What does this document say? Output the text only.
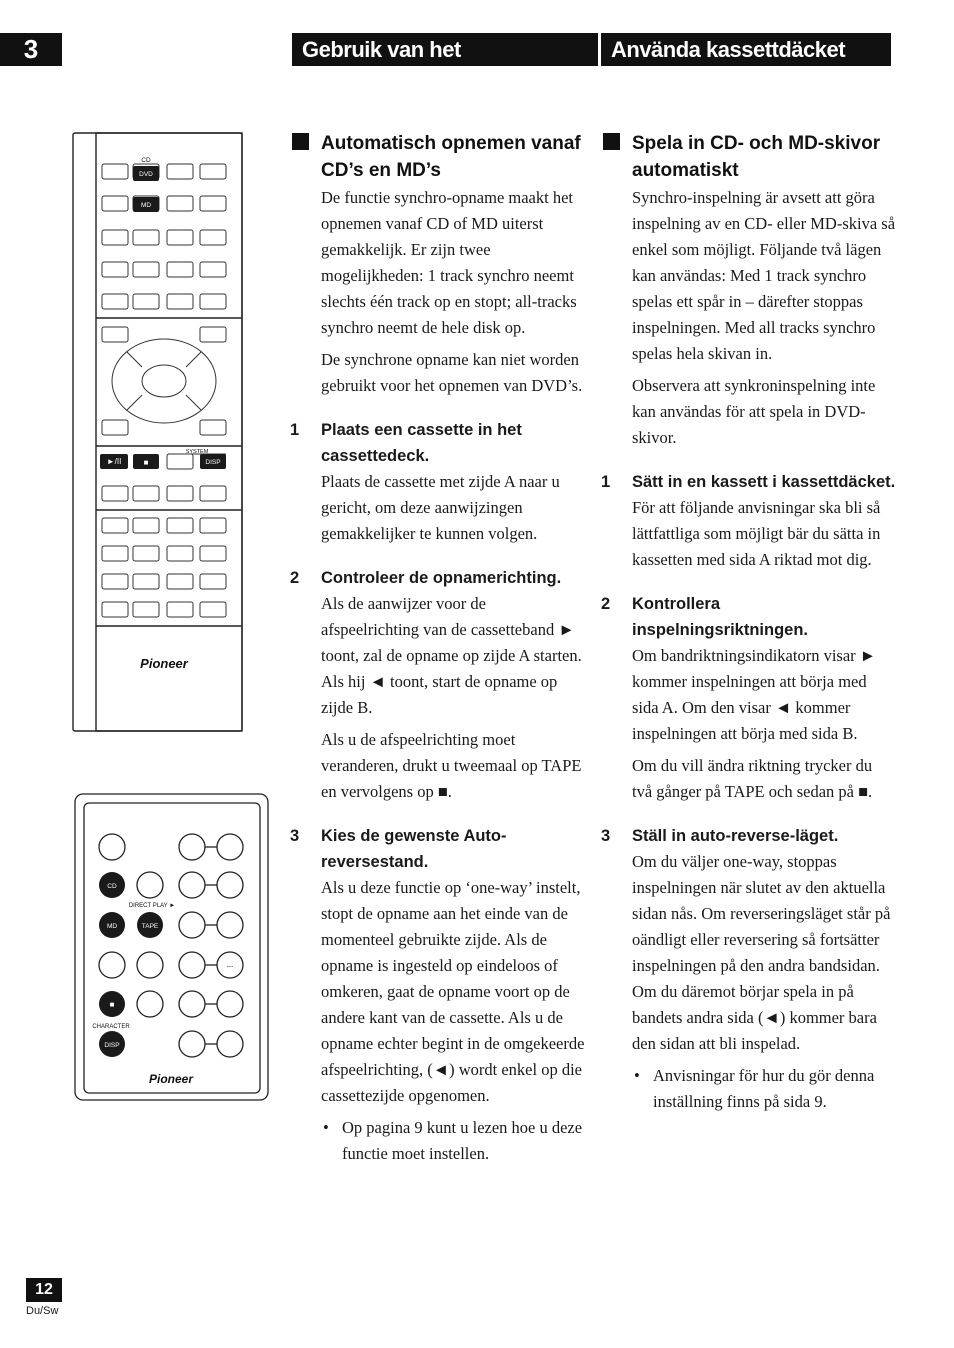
3	Gebruik van het cassettedeck
Använda kassettdäcket
CD
DVD
MD
SYSTEM
►/II	■	DISP
Pioneer
CD
DIRECT PLAY ►
MD	TAPE
---
■
CHARACTER
DISP
Pioneer
Automatisch opnemen vanaf CD’s en MD’s

De functie synchro-opname maakt het opnemen vanaf CD of MD uiterst gemakkelijk. Er zijn twee mogelijkheden: 1 track synchro neemt slechts één track op en stopt; all-tracks synchro neemt de hele disk op.

De synchrone opname kan niet worden gebruikt voor het opnemen van DVD’s.

1 Plaats een cassette in het cassettedeck.

Plaats de cassette met zijde A naar u gericht, om deze aanwijzingen gemakkelijker te kunnen volgen.

2 Controleer de opnamerichting.

Als de aanwijzer voor de afspeelrichting van de cassetteband ► toont, zal de opname op zijde A starten. Als hij ◄ toont, start de opname op zijde B.

Als u de afspeelrichting moet veranderen, drukt u tweemaal op TAPE en vervolgens op ■.

3 Kies de gewenste Auto-reversestand.

Als u deze functie op ‘one-way’ instelt, stopt de opname aan het einde van de momenteel gebruikte zijde. Als de opname is ingesteld op eindeloos of omkeren, gaat de opname voort op de andere kant van de cassette. Als u de opname echter begint in de omgekeerde afspeelrichting, (◄) wordt enkel op die cassettezijde opgenomen.

• Op pagina 9 kunt u lezen hoe u deze functie moet instellen.

Spela in CD- och MD-skivor automatiskt

Synchro-inspelning är avsett att göra inspelning av en CD- eller MD-skiva så enkel som möjligt. Följande två lägen kan användas: Med 1 track synchro spelas ett spår in – därefter stoppas inspelningen. Med all tracks synchro spelas hela skivan in.

Observera att synkroninspelning inte kan användas för att spela in DVD-skivor.

1 Sätt in en kassett i kassettdäcket.

För att följande anvisningar ska bli så lättfattliga som möjligt bär du sätta in kassetten med sida A riktad mot dig.

2 Kontrollera inspelningsriktningen.

Om bandriktningsindikatorn visar ► kommer inspelningen att börja med sida A. Om den visar ◄ kommer inspelningen att börja med sida B.

Om du vill ändra riktning trycker du två gånger på TAPE och sedan på ■.

3 Ställ in auto-reverse-läget.

Om du väljer one-way, stoppas inspelningen när slutet av den aktuella sidan nås. Om reverseringsläget står på oändligt eller reversering så fortsätter inspelningen på den andra bandsidan. Om du däremot börjar spela in på bandets andra sida (◄) kommer bara den sidan att bli inspelad.

• Anvisningar för hur du gör denna inställning finns på sida 9.

12
Du/Sw
